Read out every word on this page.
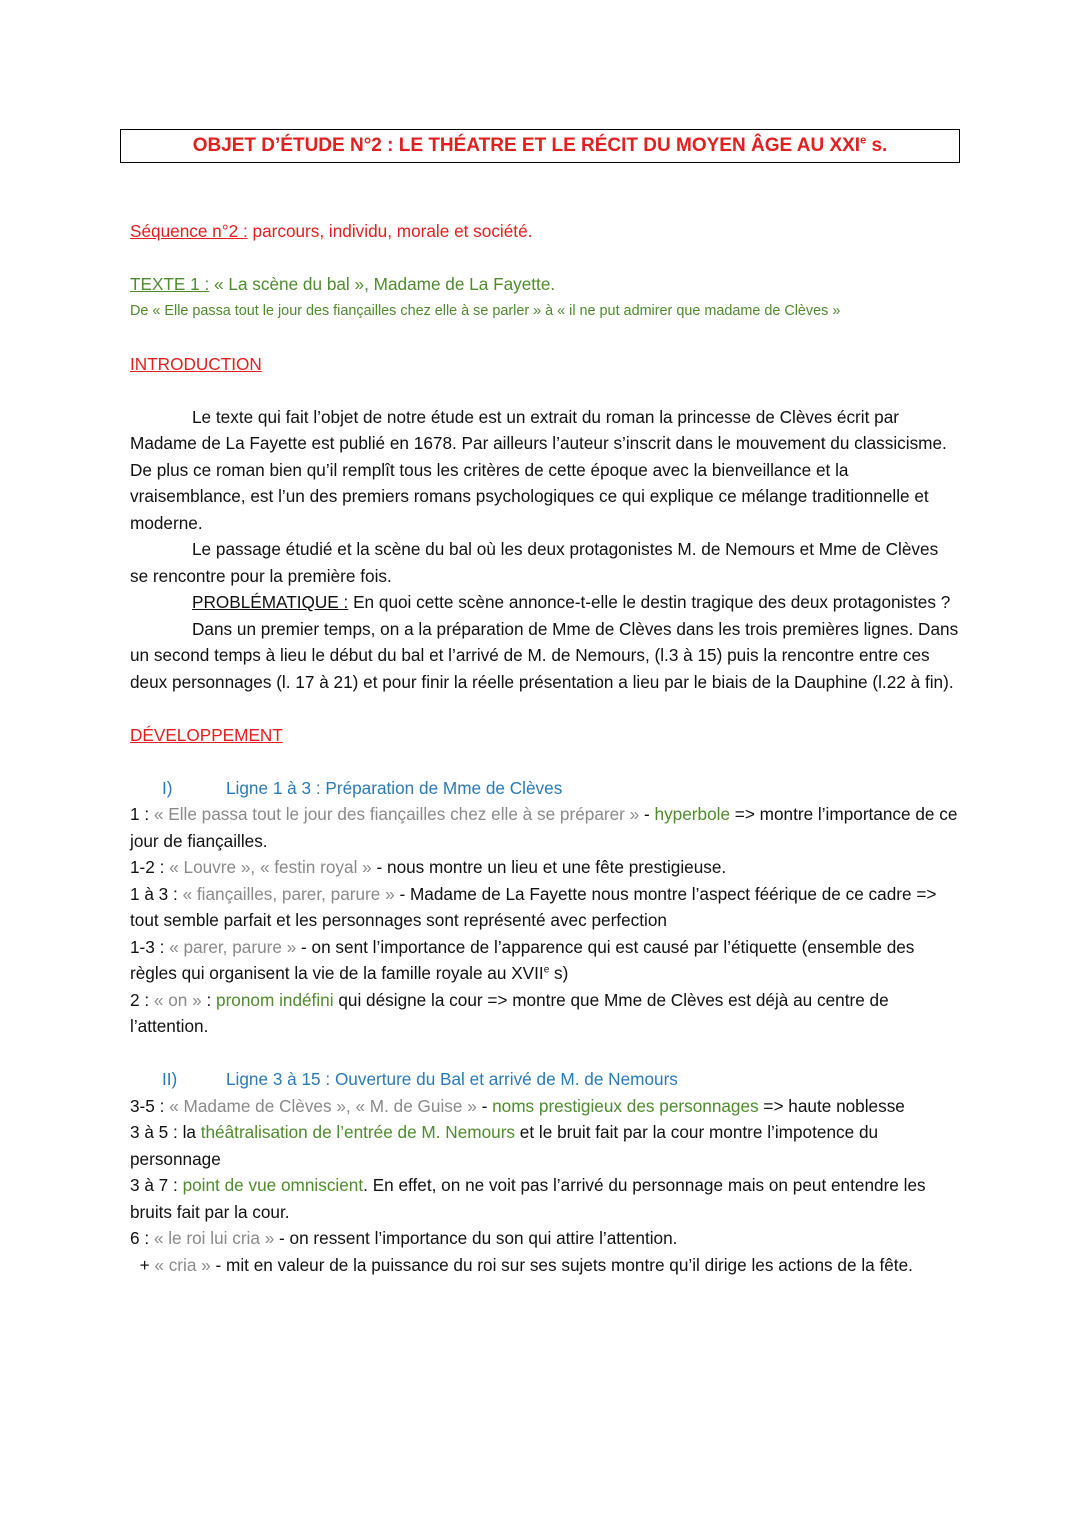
OBJET D’ÉTUDE N°2 : LE THÉATRE ET LE RÉCIT DU MOYEN ÂGE AU XXIe s.

Séquence n°2 : parcours, individu, morale et société.

TEXTE 1 : « La scène du bal », Madame de La Fayette.

De « Elle passa tout le jour des fiançailles chez elle à se parler » à « il ne put admirer que madame de Clèves »

INTRODUCTION

Le texte qui fait l’objet de notre étude est un extrait du roman la princesse de Clèves écrit par Madame de La Fayette est publié en 1678. Par ailleurs l’auteur s’inscrit dans le mouvement du classicisme. De plus ce roman bien qu’il remplît tous les critères de cette époque avec la bienveillance et la vraisemblance, est l’un des premiers romans psychologiques ce qui explique ce mélange traditionnelle et moderne.

Le passage étudié et la scène du bal où les deux protagonistes M. de Nemours et Mme de Clèves se rencontre pour la première fois.

PROBLÉMATIQUE : En quoi cette scène annonce-t-elle le destin tragique des deux protagonistes ?

Dans un premier temps, on a la préparation de Mme de Clèves dans les trois premières lignes. Dans un second temps à lieu le début du bal et l’arrivé de M. de Nemours, (l.3 à 15) puis la rencontre entre ces deux personnages (l. 17 à 21) et pour finir la réelle présentation a lieu par le biais de la Dauphine (l.22 à fin).

DÉVELOPPEMENT

I)	Ligne 1 à 3 : Préparation de Mme de Clèves

1 : « Elle passa tout le jour des fiançailles chez elle à se préparer » - hyperbole => montre l’importance de ce jour de fiançailles.

1-2 : « Louvre », « festin royal » - nous montre un lieu et une fête prestigieuse.

1 à 3 : « fiançailles, parer, parure » - Madame de La Fayette nous montre l’aspect féérique de ce cadre => tout semble parfait et les personnages sont représenté avec perfection

1-3 : « parer, parure » - on sent l’importance de l’apparence qui est causé par l’étiquette (ensemble des règles qui organisent la vie de la famille royale au XVIIe s)

2 : « on » : pronom indéfini qui désigne la cour => montre que Mme de Clèves est déjà au centre de l’attention.

II)	Ligne 3 à 15 : Ouverture du Bal et arrivé de M. de Nemours

3-5 : « Madame de Clèves », « M. de Guise » - noms prestigieux des personnages => haute noblesse

3 à 5 : la théâtralisation de l’entrée de M. Nemours et le bruit fait par la cour montre l’impotence du personnage

3 à 7 : point de vue omniscient. En effet, on ne voit pas l’arrivé du personnage mais on peut entendre les bruits fait par la cour.

6 : « le roi lui cria » - on ressent l’importance du son qui attire l’attention.

+ « cria » - mit en valeur de la puissance du roi sur ses sujets montre qu’il dirige les actions de la fête.
